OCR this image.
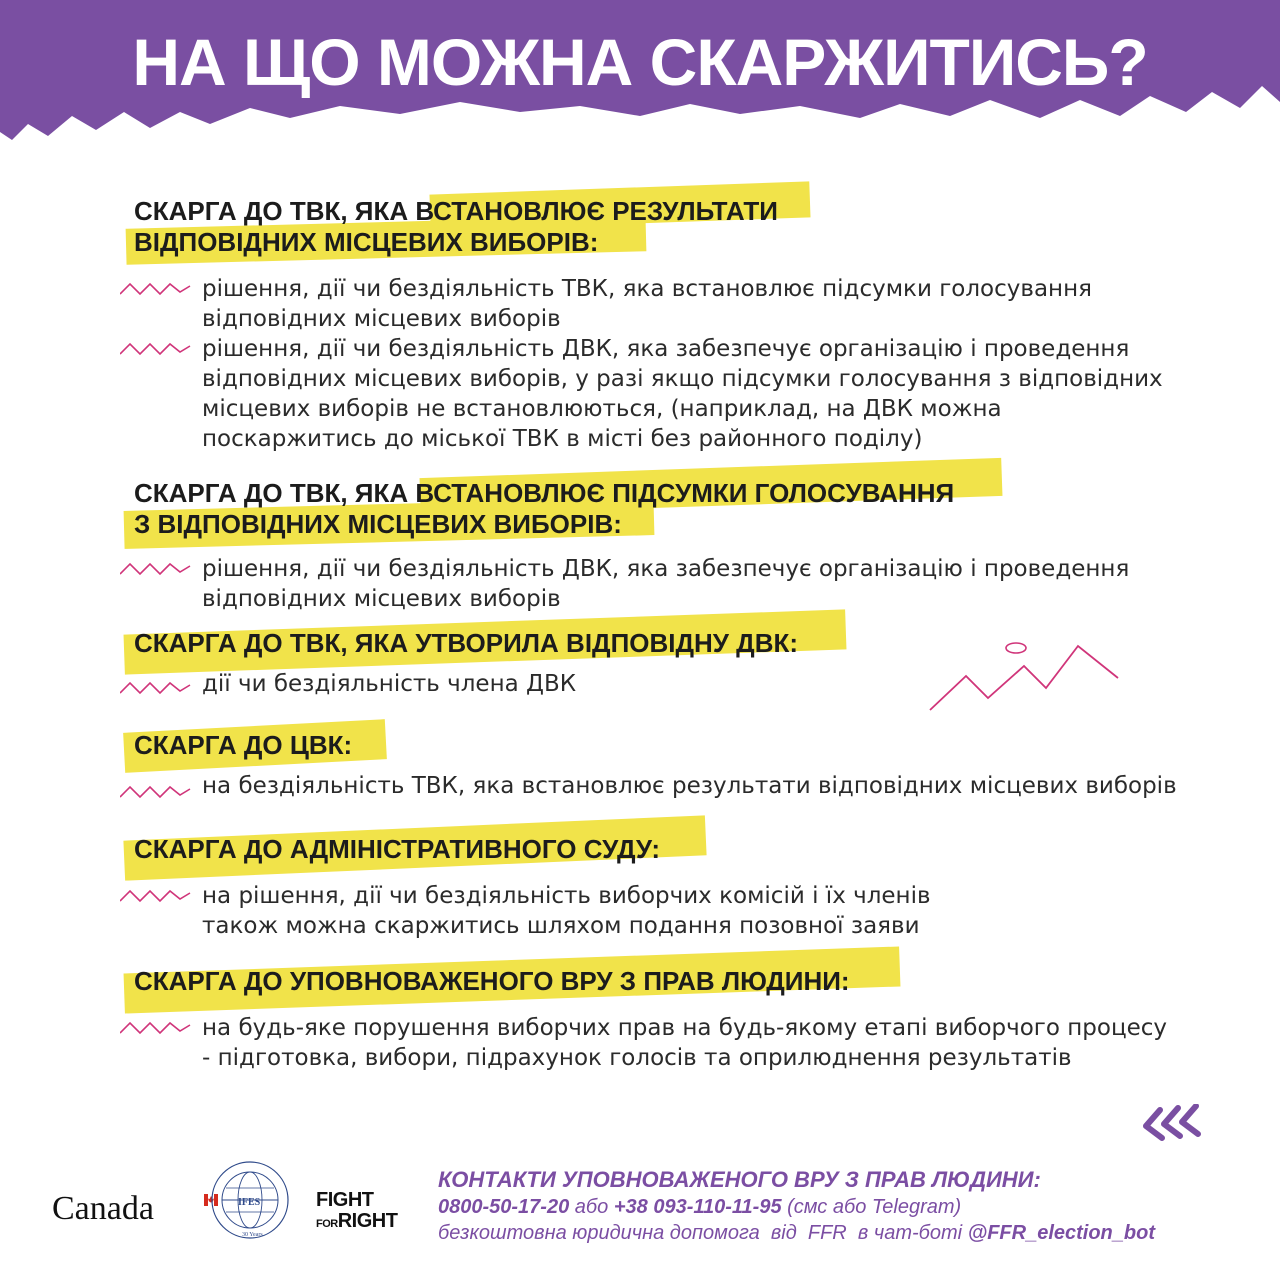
НА ЩО МОЖНА СКАРЖИТИСЬ?
СКАРГА ДО ТВК, ЯКА ВСТАНОВЛЮЄ РЕЗУЛЬТАТИ
ВІДПОВІДНИХ МІСЦЕВИХ ВИБОРІВ:
рішення, дії чи бездіяльність ТВК, яка встановлює підсумки голосування
відповідних місцевих виборів
рішення, дії чи бездіяльність ДВК, яка забезпечує організацію і проведення
відповідних місцевих виборів, у разі якщо підсумки голосування з відповідних
місцевих виборів не встановлюються, (наприклад, на ДВК можна
поскаржитись до міської ТВК в місті без районного поділу)
СКАРГА ДО ТВК, ЯКА ВСТАНОВЛЮЄ ПІДСУМКИ ГОЛОСУВАННЯ
З ВІДПОВІДНИХ МІСЦЕВИХ ВИБОРІВ:
рішення, дії чи бездіяльність ДВК, яка забезпечує організацію і проведення
відповідних місцевих виборів
СКАРГА ДО ТВК, ЯКА УТВОРИЛА ВІДПОВІДНУ ДВК:
дії чи бездіяльність члена ДВК
СКАРГА ДО ЦВК:
на бездіяльність ТВК, яка встановлює результати відповідних місцевих виборів
СКАРГА ДО АДМІНІСТРАТИВНОГО СУДУ:
на рішення, дії чи бездіяльність виборчих комісій і їх членів
також можна скаржитись шляхом подання позовної заяви
СКАРГА ДО УПОВНОВАЖЕНОГО ВРУ З ПРАВ ЛЮДИНИ:
на будь-яке порушення виборчих прав на будь-якому етапі виборчого процесу
- підготовка, вибори, підрахунок голосів та оприлюднення результатів
Canada	IFES
30 Years
FIGHT
FORRIGHT
КОНТАКТИ УПОВНОВАЖЕНОГО ВРУ З ПРАВ ЛЮДИНИ:
0800-50-17-20 або +38 093-110-11-95 (смс або Telegram)
безкоштовна юридична допомога  від  FFR  в чат-боті @FFR_election_bot
